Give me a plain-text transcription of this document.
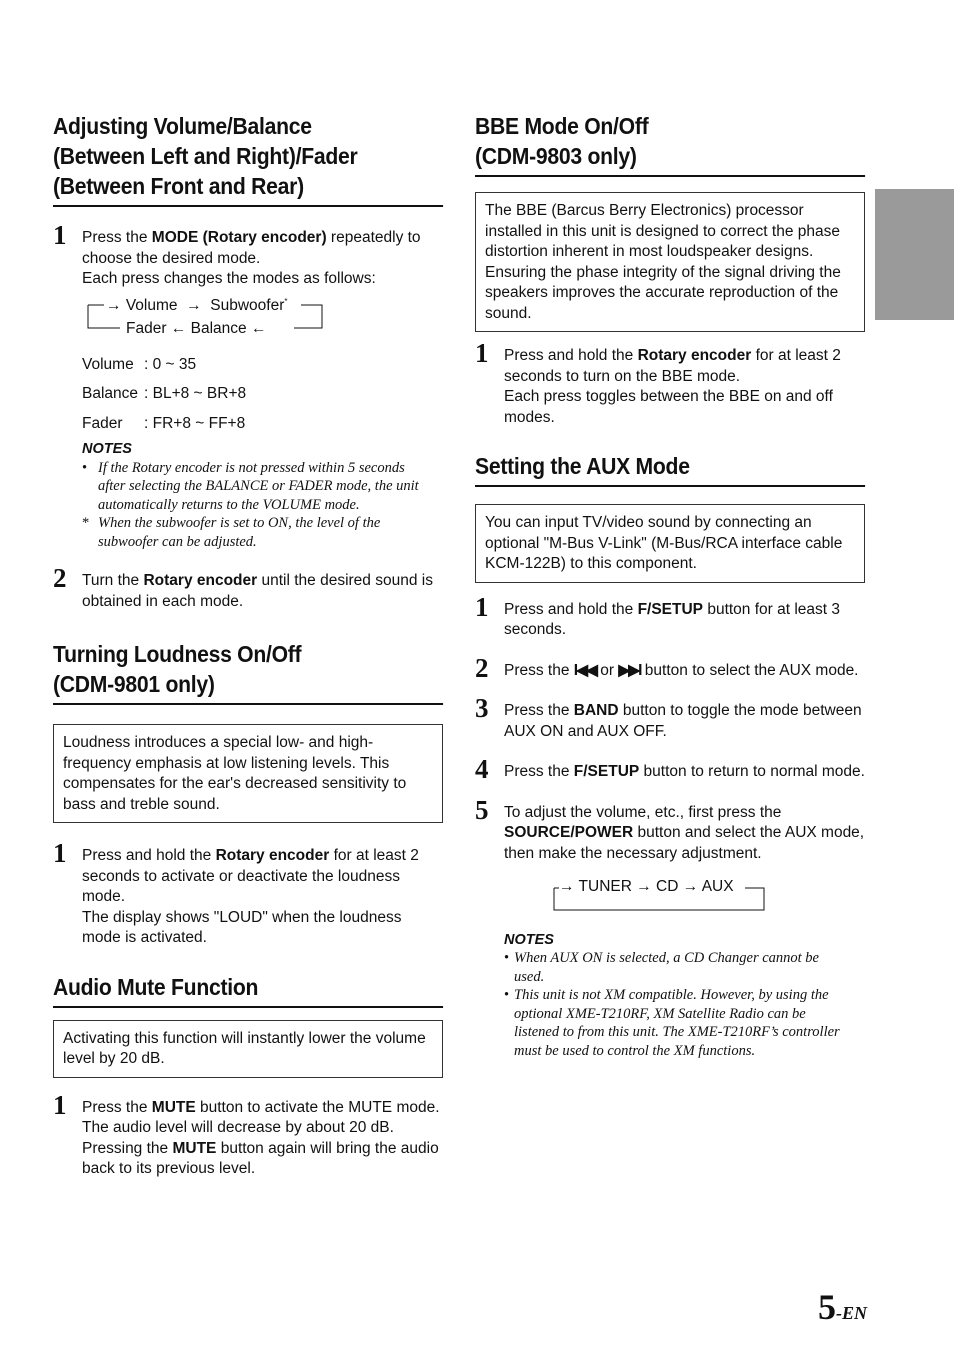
Adjusting Volume/Balance
(Between Left and Right)/Fader
(Between Front and Rear)
1 Press the MODE (Rotary encoder) repeatedly to choose the desired mode.
Each press changes the modes as follows:
→ Volume → Subwoofer*
Fader ← Balance ←
Volume : 0 ~ 35
Balance : BL+8 ~ BR+8
Fader	: FR+8 ~ FF+8

NOTES

• If the Rotary encoder is not pressed within 5 seconds after selecting the BALANCE or FADER mode, the unit automatically returns to the VOLUME mode.
* When the subwoofer is set to ON, the level of the subwoofer can be adjusted.
2 Turn the Rotary encoder until the desired sound is obtained in each mode.
Turning Loudness On/Off
(CDM-9801 only)
Loudness introduces a special low- and high-frequency emphasis at low listening levels. This compensates for the ear's decreased sensitivity to bass and treble sound.
1 Press and hold the Rotary encoder for at least 2 seconds to activate or deactivate the loudness mode.
The display shows "LOUD" when the loudness mode is activated.
Audio Mute Function
Activating this function will instantly lower the volume level by 20 dB.
1 Press the MUTE button to activate the MUTE mode. The audio level will decrease by about 20 dB.
Pressing the MUTE button again will bring the audio back to its previous level.
BBE Mode On/Off
(CDM-9803 only)
The BBE (Barcus Berry Electronics) processor installed in this unit is designed to correct the phase distortion inherent in most loudspeaker designs. Ensuring the phase integrity of the signal driving the speakers improves the accurate reproduction of the sound.
1 Press and hold the Rotary encoder for at least 2 seconds to turn on the BBE mode.
Each press toggles between the BBE on and off modes.
Setting the AUX Mode
You can input TV/video sound by connecting an optional "M-Bus V-Link" (M-Bus/RCA interface cable KCM-122B) to this component.
1 Press and hold the F/SETUP button for at least 3 seconds.
2 Press the I◀◀ or ▶▶I button to select the AUX mode.
3 Press the BAND button to toggle the mode between AUX ON and AUX OFF.
4 Press the F/SETUP button to return to normal mode.
5 To adjust the volume, etc., first press the SOURCE/POWER button and select the AUX mode, then make the necessary adjustment.
→ TUNER → CD → AUX

NOTES

• When AUX ON is selected, a CD Changer cannot be used.
• This unit is not XM compatible. However, by using the optional XME-T210RF, XM Satellite Radio can be listened to from this unit. The XME-T210RF’s controller must be used to control the XM functions.
5-EN
